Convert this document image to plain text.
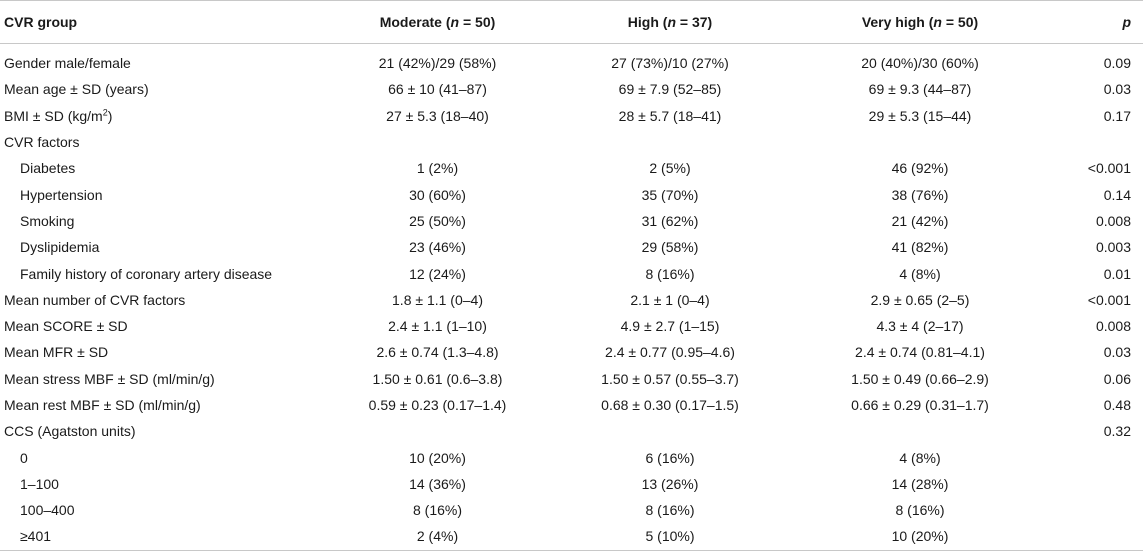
CVR group	Moderate (n = 50)	High (n = 37)	Very high (n = 50)	p
Gender male/female	21 (42%)/29 (58%)	27 (73%)/10 (27%)	20 (40%)/30 (60%)	0.09
Mean age ± SD (years)	66 ± 10 (41–87)	69 ± 7.9 (52–85)	69 ± 9.3 (44–87)	0.03
BMI ± SD $(kg/m^2)$	27 ± 5.3 (18–40)	28 ± 5.7 (18–41)	29 ± 5.3 (15–44)	0.17
CVR factors				
Diabetes	1 (2%)	2 (5%)	46 (92%)	<0.001
Hypertension	30 (60%)	35 (70%)	38 (76%)	0.14
Smoking	25 (50%)	31 (62%)	21 (42%)	0.008
Dyslipidemia	23 (46%)	29 (58%)	41 (82%)	0.003
Family history of coronary artery disease	12 (24%)	8 (16%)	4 (8%)	0.01
Mean number of CVR factors	1.8 ± 1.1 (0–4)	2.1 ± 1 (0–4)	2.9 ± 0.65 (2–5)	<0.001
Mean SCORE ± SD	2.4 ± 1.1 (1–10)	4.9 ± 2.7 (1–15)	4.3 ± 4 (2–17)	0.008
Mean MFR ± SD	2.6 ± 0.74 (1.3–4.8)	2.4 ± 0.77 (0.95–4.6)	2.4 ± 0.74 (0.81–4.1)	0.03
Mean stress MBF ± SD (ml/min/g)	1.50 ± 0.61 (0.6–3.8)	1.50 ± 0.57 (0.55–3.7)	1.50 ± 0.49 (0.66–2.9)	0.06
Mean rest MBF ± SD (ml/min/g)	0.59 ± 0.23 (0.17–1.4)	0.68 ± 0.30 (0.17–1.5)	0.66 ± 0.29 (0.31–1.7)	0.48
CCS (Agatston units)				0.32
0	10 (20%)	6 (16%)	4 (8%)	
1–100	14 (36%)	13 (26%)	14 (28%)	
100–400	8 (16%)	8 (16%)	8 (16%)	
≥401	2 (4%)	5 (10%)	10 (20%)	
